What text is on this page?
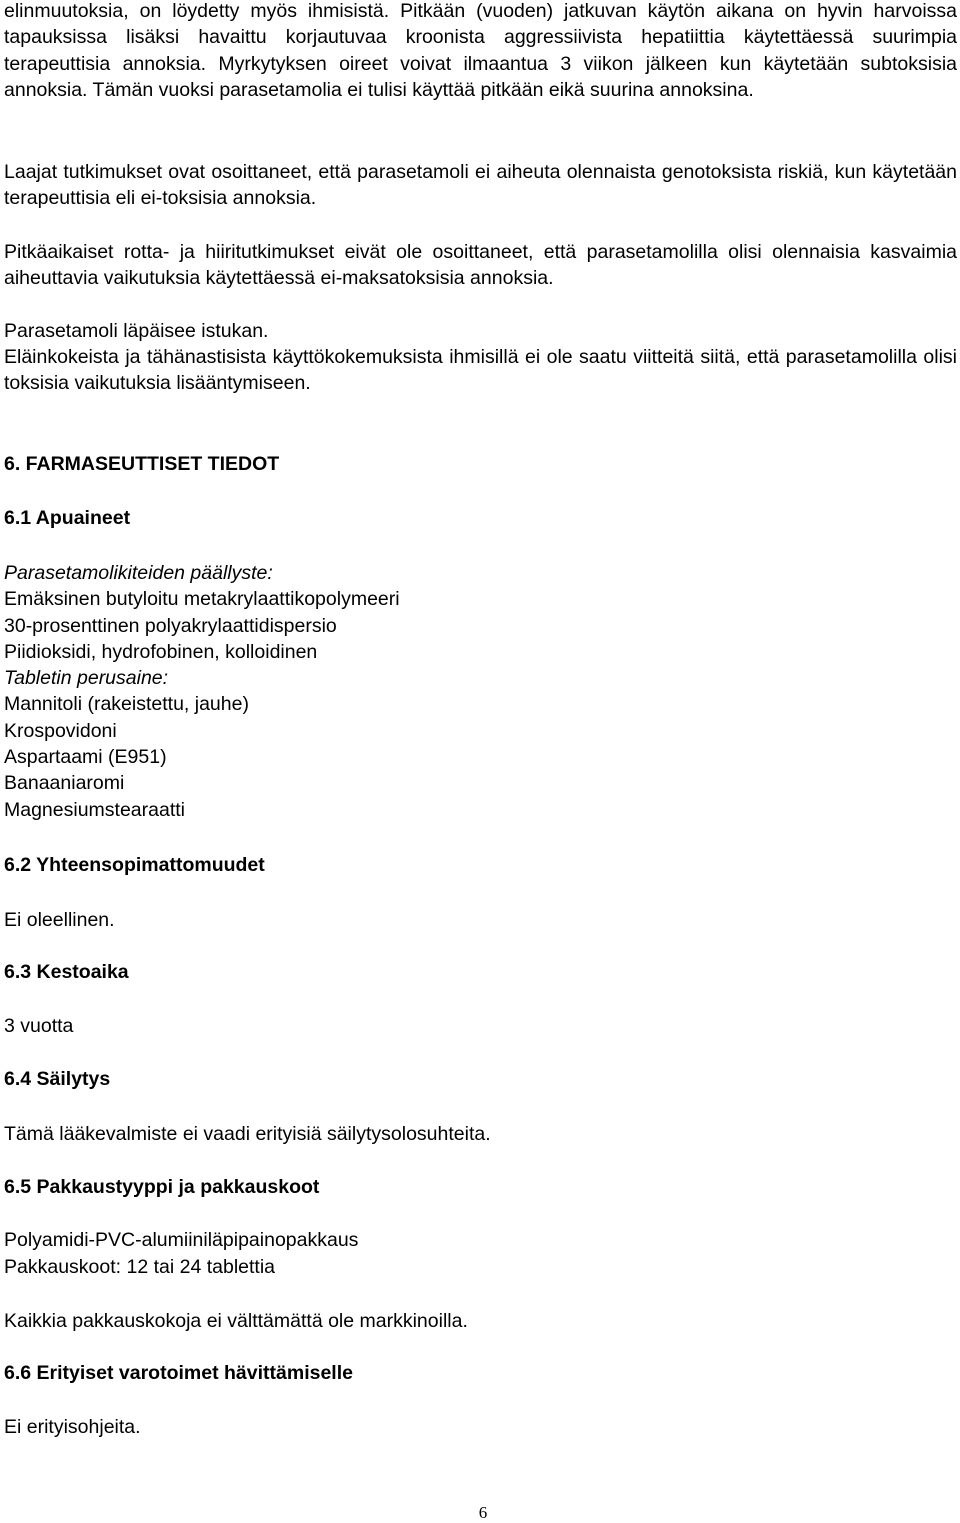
elinmuutoksia, on löydetty myös ihmisistä. Pitkään (vuoden) jatkuvan käytön aikana on hyvin harvoissa tapauksissa lisäksi havaittu korjautuvaa kroonista aggressiivista hepatiittia käytettäessä suurimpia terapeuttisia annoksia. Myrkytyksen oireet voivat ilmaantua 3 viikon jälkeen kun käytetään subtoksisia annoksia. Tämän vuoksi parasetamolia ei tulisi käyttää pitkään eikä suurina annoksina.

Laajat tutkimukset ovat osoittaneet, että parasetamoli ei aiheuta olennaista genotoksista riskiä, kun käytetään terapeuttisia eli ei-toksisia annoksia.

Pitkäaikaiset rotta- ja hiiritutkimukset eivät ole osoittaneet, että parasetamolilla olisi olennaisia kasvaimia aiheuttavia vaikutuksia käytettäessä ei-maksatoksisia annoksia.

Parasetamoli läpäisee istukan.

Eläinkokeista ja tähänastisista käyttökokemuksista ihmisillä ei ole saatu viitteitä siitä, että parasetamolilla olisi toksisia vaikutuksia lisääntymiseen.

6. FARMASEUTTISET TIEDOT
6.1 Apuaineet
Parasetamolikiteiden päällyste:
Emäksinen butyloitu metakrylaattikopolymeeri
30-prosenttinen polyakrylaattidispersio
Piidioksidi, hydrofobinen, kolloidinen
Tabletin perusaine:
Mannitoli (rakeistettu, jauhe)
Krospovidoni
Aspartaami (E951)
Banaaniaromi
Magnesiumstearaatti
6.2 Yhteensopimattomuudet
Ei oleellinen.
6.3 Kestoaika
3 vuotta
6.4 Säilytys
Tämä lääkevalmiste ei vaadi erityisiä säilytysolosuhteita.
6.5 Pakkaustyyppi ja pakkauskoot
Polyamidi-PVC-alumiiniläpipainopakkaus
Pakkauskoot: 12 tai 24 tablettia
Kaikkia pakkauskokoja ei välttämättä ole markkinoilla.
6.6 Erityiset varotoimet hävittämiselle
Ei erityisohjeita.
6
